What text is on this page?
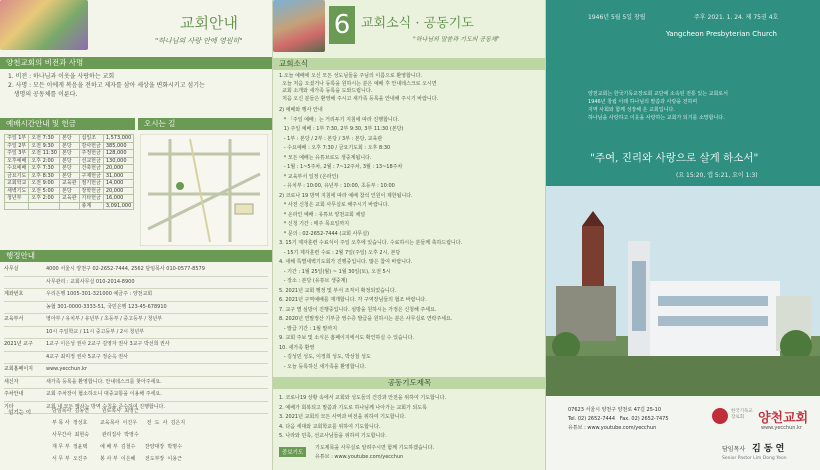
교회안내
"하나님의 사랑 안에 영원히"
양천교회의 비전과 사명
1. 비전 : 하나님과 이웃을 사랑하는 교회
2. 사명 : 모든 이에게 복음을 전하고 제자를 삼아 세상을 변화시키고 섬기는
생명의 공동체를 이룬다.
예배시간안내 및 헌금	오시는 길
주일 1부	오전 7:30	본당	십일조	1,573,000
주일 2부	오전 9:30	본당	감사헌금	385,000
주일 3부	오전 11:30	본당	주정헌금	128,000
오후예배	오후 2:00	본당	선교헌금	130,000
수요예배	오후 7:30	본당	건축헌금	20,000
금요기도	오후 8:30	본당	구제헌금	31,000
교회학교	오전 9:00	교육관	절기헌금	14,000
새벽기도	오전 5:00	본당	장학헌금	20,000
청년부	오후 2:00	교육관	기타헌금	16,000
			총계	3,091,000
행정안내
사무실	4000 서울시 양천구 02-2652-7444, 2562 담임목사 010-0577-8579
사무관리 : 교회사무실 010-2014-8900
계좌번호	우리은행 1005-301-321000 예금주 : 양천교회
농협 301-0000-3333-51, 국민은행 123-45-678910
교육부서	영아부 / 유치부 / 유년부 / 초등부 / 중고등부 / 청년부
10시 주일학교 / 11시 중고등부 / 2시 청년부
2021년 교구	1교구 이은성 권사 2교구 김영자 권사 3교구 박선희 권사
4교구 최미정 권사 5교구 정순옥 권사
교회홈페이지	www.yecchun.kr
새신자	새가족 등록을 환영합니다. 안내데스크를 찾아주세요.
주차안내	교회 주차장이 협소하오니 대중교통을 이용해 주세요.
기타	교회 내 모든 행사는 방역 수칙을 준수하여 진행합니다.
섬기는 이	담임목사  김동연        원로목사  최영근
부 목 사  정성호        교육목사  이진우      전  도  사  김은지
사무간사  최현숙        관리집사  박영수
재 무 부  정윤택        예 배 부  김철수      찬양대장  박명수
서 무 부  오진주        봉 사 부  이은혜      전도부장  이용근
6 교회소식 · 공동기도
"하나님의 말씀과 기도의 공동체"
교회소식
1.오늘 예배에 오신 모든 성도님들을 주님의 이름으로 환영합니다.
오늘 처음 오셨거나 등록을 원하시는 분은 예배 후 안내데스크로 오시면
교회 소개와 새가족 등록을 도와드립니다.
처음 오신 분들은 환영해 주시고 새가족 등록을 안내해 주시기 바랍니다.
2) 예배와 행사 안내
* 「주일 예배」는 거리두기 지침에 따라 진행합니다.
1) 주일 예배 : 1부 7:30, 2부 9:30, 3부 11:30 (본당)
- 1부 : 본당 / 2부 : 본당 / 3부 : 본당, 교육관
- 수요예배 : 오후 7:30 / 금요기도회 : 오후 8:30
* 모든 예배는 유튜브로도 생중계됩니다.
- 1월 : 1~5주차, 2월 : 7~12주차, 3월 : 13~18주차
* 교육부서 일정 (온라인)
- 유치부 : 10:00, 유년부 : 10:00, 초등부 : 10:00
2) 코로나 19 방역 지침에 따라 예배 참석 인원이 제한됩니다.
* 사전 신청은 교회 사무실로 해주시기 바랍니다.
* 온라인 예배 : 유튜브 양천교회 채널
* 신청 기간 : 매주 목요일까지
* 문의 : 02-2652-7444 (교회 사무실)
3. 15기 제자훈련 수료식이 주일 오후에 있습니다. 수료하시는 분들께 축하드립니다.
- 15기 제자훈련 수료 : 2월 7일(주일) 오후 2시, 본당
4. 새해 특별새벽기도회가 진행중입니다. 많은 참여 바랍니다.
- 기간 : 1월 25일(월) ~ 1월 30일(토), 오전 5시
- 장소 : 본당 (유튜브 생중계)
5. 2021년 교회 행정 및 부서 조직이 확정되었습니다.
6. 2021년 구역예배를 재개합니다. 각 구역장님들의 협조 바랍니다.
7. 교구 별 심방이 진행중입니다. 심방을 원하시는 가정은 신청해 주세요.
8. 2020년 연말정산 기부금 영수증 발급을 원하시는 분은 사무실로 연락주세요.
- 발급 기간 : 1월 말까지
9. 교회 주보 및 소식은 홈페이지에서도 확인하실 수 있습니다.
10. 새가족 환영
- 김성민 성도, 이정희 성도, 박상철 성도
- 오늘 등록하신 새가족을 환영합니다.
공동기도제목
1. 코로나19 상황 속에서 교회와 성도들의 건강과 안전을 위하여 기도합니다.
2. 예배가 회복되고 말씀과 기도로 하나님께 나아가는 교회가 되도록
3. 2021년 교회의 모든 사역과 비전을 위하여 기도합니다.
4. 다음 세대와 교회학교를 위하여 기도합니다.
5. 나라와 민족, 선교사님들을 위하여 기도합니다.
중보기도
기도제목을 사무실로 알려주시면 함께 기도하겠습니다.
유튜브 : www.youtube.com/yecchun
1946년 5월 5일 창립	주후 2021. 1. 24. 제 75권 4호
Yangcheon Presbyterian Church
양천교회는 한국기독교장로회 교단에 소속된 전통 있는 교회로서
1946년 창립 이래 하나님의 말씀과 사랑을 전하며
지역 사회와 함께 성장해 온 교회입니다.
하나님을 사랑하고 이웃을 사랑하는 교회가 되기를 소망합니다.
"주여, 진리와 사랑으로 살게 하소서"
(요 15:20, 엡 5:21, 요이 1:3)
07623 서울시 양천구 양천로 47길 25-10
Tel. 02) 2652-7444   Fax. 02) 2652-7475
유튜브 : www.youtube.com/yecchun
한국기독교장로회	양천교회
www.yecchun.kr
담임목사 김 동 연
Senior Pastor Lim Dong Yeon
